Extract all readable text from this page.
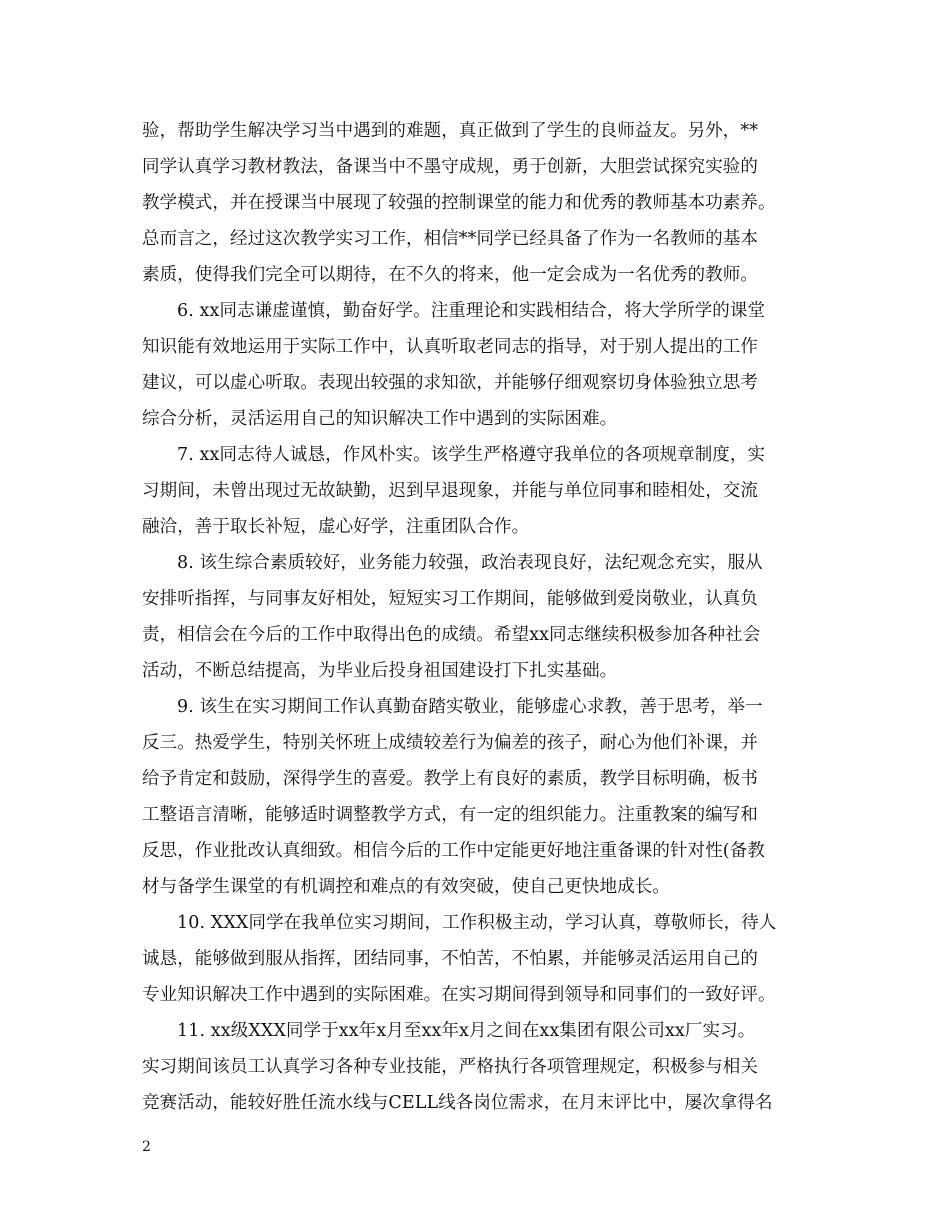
验，帮助学生解决学习当中遇到的难题，真正做到了学生的良师益友。另外，**
同学认真学习教材教法，备课当中不墨守成规，勇于创新，大胆尝试探究实验的
教学模式，并在授课当中展现了较强的控制课堂的能力和优秀的教师基本功素养。
总而言之，经过这次教学实习工作，相信**同学已经具备了作为一名教师的基本
素质，使得我们完全可以期待，在不久的将来，他一定会成为一名优秀的教师。
6. xx同志谦虚谨慎，勤奋好学。注重理论和实践相结合，将大学所学的课堂
知识能有效地运用于实际工作中，认真听取老同志的指导，对于别人提出的工作
建议，可以虚心听取。表现出较强的求知欲，并能够仔细观察切身体验独立思考
综合分析，灵活运用自己的知识解决工作中遇到的实际困难。
7. xx同志待人诚恳，作风朴实。该学生严格遵守我单位的各项规章制度，实
习期间，未曾出现过无故缺勤，迟到早退现象，并能与单位同事和睦相处，交流
融洽，善于取长补短，虚心好学，注重团队合作。
8. 该生综合素质较好，业务能力较强，政治表现良好，法纪观念充实，服从
安排听指挥，与同事友好相处，短短实习工作期间，能够做到爱岗敬业，认真负
责，相信会在今后的工作中取得出色的成绩。希望xx同志继续积极参加各种社会
活动，不断总结提高，为毕业后投身祖国建设打下扎实基础。
9. 该生在实习期间工作认真勤奋踏实敬业，能够虚心求教，善于思考，举一
反三。热爱学生，特别关怀班上成绩较差行为偏差的孩子，耐心为他们补课，并
给予肯定和鼓励，深得学生的喜爱。教学上有良好的素质，教学目标明确，板书
工整语言清晰，能够适时调整教学方式，有一定的组织能力。注重教案的编写和
反思，作业批改认真细致。相信今后的工作中定能更好地注重备课的针对性(备教
材与备学生课堂的有机调控和难点的有效突破，使自己更快地成长。
10. XXX同学在我单位实习期间，工作积极主动，学习认真，尊敬师长，待人
诚恳，能够做到服从指挥，团结同事，不怕苦，不怕累，并能够灵活运用自己的
专业知识解决工作中遇到的实际困难。在实习期间得到领导和同事们的一致好评。
11. xx级XXX同学于xx年x月至xx年x月之间在xx集团有限公司xx厂实习。
实习期间该员工认真学习各种专业技能，严格执行各项管理规定，积极参与相关
竞赛活动，能较好胜任流水线与CELL线各岗位需求，在月末评比中，屡次拿得名
2
